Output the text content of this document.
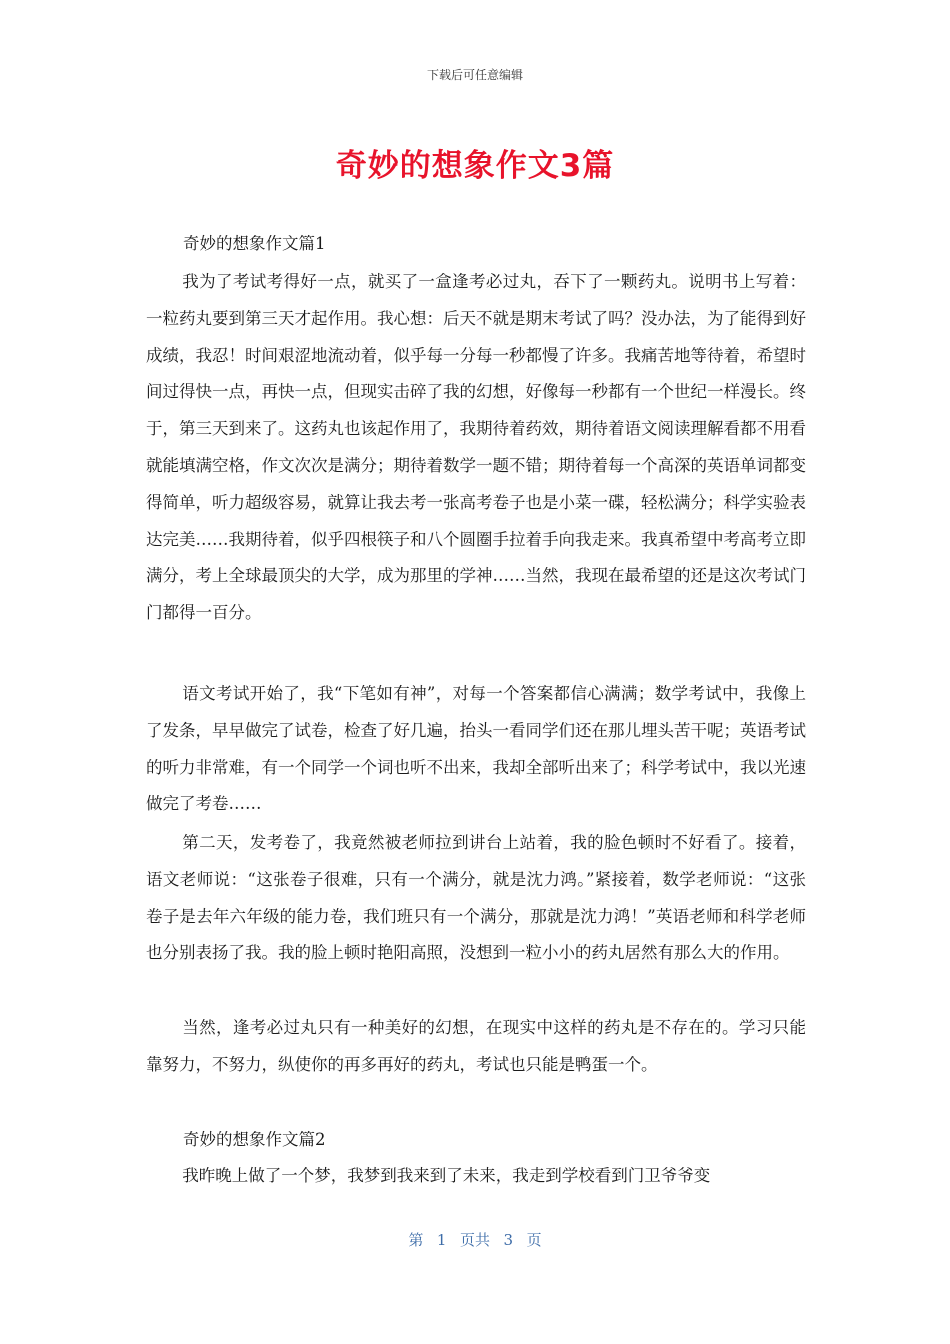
下载后可任意编辑
奇妙的想象作文3篇
奇妙的想象作文篇1

我为了考试考得好一点，就买了一盒逢考必过丸，吞下了一颗药丸。说明书上写着：一粒药丸要到第三天才起作用。我心想：后天不就是期末考试了吗？没办法，为了能得到好成绩，我忍！时间艰涩地流动着，似乎每一分每一秒都慢了许多。我痛苦地等待着，希望时间过得快一点，再快一点，但现实击碎了我的幻想，好像每一秒都有一个世纪一样漫长。终于，第三天到来了。这药丸也该起作用了，我期待着药效，期待着语文阅读理解看都不用看就能填满空格，作文次次是满分；期待着数学一题不错；期待着每一个高深的英语单词都变得简单，听力超级容易，就算让我去考一张高考卷子也是小菜一碟，轻松满分；科学实验表达完美……我期待着，似乎四根筷子和八个圆圈手拉着手向我走来。我真希望中考高考立即满分，考上全球最顶尖的大学，成为那里的学神……当然，我现在最希望的还是这次考试门门都得一百分。

语文考试开始了，我“下笔如有神”，对每一个答案都信心满满；数学考试中，我像上了发条，早早做完了试卷，检查了好几遍，抬头一看同学们还在那儿埋头苦干呢；英语考试的听力非常难，有一个同学一个词也听不出来，我却全部听出来了；科学考试中，我以光速做完了考卷……

第二天，发考卷了，我竟然被老师拉到讲台上站着，我的脸色顿时不好看了。接着，语文老师说：“这张卷子很难，只有一个满分，就是沈力鸿。”紧接着，数学老师说：“这张卷子是去年六年级的能力卷，我们班只有一个满分，那就是沈力鸿！”英语老师和科学老师也分别表扬了我。我的脸上顿时艳阳高照，没想到一粒小小的药丸居然有那么大的作用。

当然，逢考必过丸只有一种美好的幻想，在现实中这样的药丸是不存在的。学习只能靠努力，不努力，纵使你的再多再好的药丸，考试也只能是鸭蛋一个。

奇妙的想象作文篇2

我昨晚上做了一个梦，我梦到我来到了未来，我走到学校看到门卫爷爷变

第  1  页共  3  页
